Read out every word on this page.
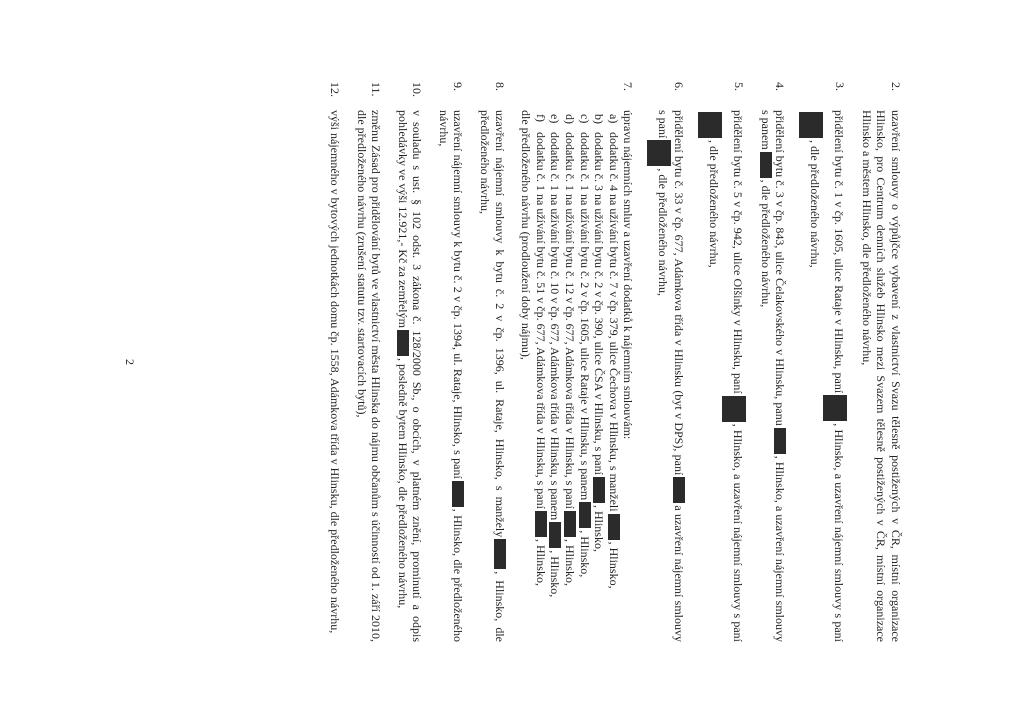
2.
uzavření smlouvy o výpůjčce vybavení z vlastnictví Svazu tělesně postižených v ČR, místní organizace Hlinsko, pro Centrum denních služeb Hlinsko mezi Svazem tělesně postižených v ČR, místní organizace Hlinsko a městem Hlinsko, dle předloženého návrhu,
3.
přidělení bytu č. 1 v čp. 1605, ulice Rataje v Hlinsku, paní, Hlinsko, a uzavření nájemní smlouvy s paní, dle předloženého návrhu,
4.
přidělení bytu č. 3 v čp. 843, ulice Čelakovského v Hlinsku, panu, Hlinsko, a uzavření nájemní smlouvy s panem, dle předloženého návrhu,
5.
přidělení bytu č. 5 v čp. 942, ulice Olšinky v Hlinsku, paní, Hlinsko, a uzavření nájemní smlouvy s paní, dle předloženého návrhu,
6.
přidělení bytu č. 33 v čp. 677, Adámkova třída v Hlinsku (byt v DPS), panía uzavření nájemní smlouvy s paní, dle předloženého návrhu,
7.
úpravu nájemních smluv a uzavření dodatků k nájemním smlouvám:
a)
dodatku č. 4 na užívání bytu č. 7 v čp. 379, ulice Čechova v Hlinsku, s manželi, Hlinsko,
b)
dodatku č. 3 na užívání bytu č. 2 v čp. 390, ulice ČSA v Hlinsku, s paní, Hlinsko,
c)
dodatku č. 1 na užívání bytu č. 2 v čp. 1605, ulice Rataje v Hlinsku, s panem, Hlinsko,
d)
dodatku č. 1 na užívání bytu č. 12 v čp. 677, Adámkova třída v Hlinsku, s paní, Hlinsko,
e)
dodatku č. 1 na užívání bytu č. 10 v čp. 677, Adámkova třída v Hlinsku, s panem, Hlinsko,
f)
dodatku č. 1 na užívání bytu č. 51 v čp. 677, Adámkova třída v Hlinsku, s paní, Hlinsko,
dle předloženého návrhu (prodloužení doby nájmu),
8.
uzavření nájemní smlouvy k bytu č. 2 v čp. 1396, ul. Rataje, Hlinsko, s manžely, Hlinsko, dle předloženého návrhu,
9.
uzavření nájemní smlouvy k bytu č. 2 v čp. 1394, ul. Rataje, Hlinsko, s paní, Hlinsko, dle předloženého návrhu,
10.
v souladu s ust. § 102 odst. 3 zákona č. 128/2000 Sb., o obcích, v platném znění, prominutí a odpis pohledávky ve výši 12.921,- Kč za zemřelým, posledně bytem Hlinsko, dle předloženého návrhu,
11.
změnu Zásad pro přidělování bytů ve vlastnictví města Hlinska do nájmu občanům s účinností od 1. září 2010, dle předloženého návrhu (zrušení statutu tzv. startovacích bytů),
12.
výši nájemného v bytových jednotkách domu čp. 1558, Adámkova třída v Hlinsku, dle předloženého návrhu,
2
